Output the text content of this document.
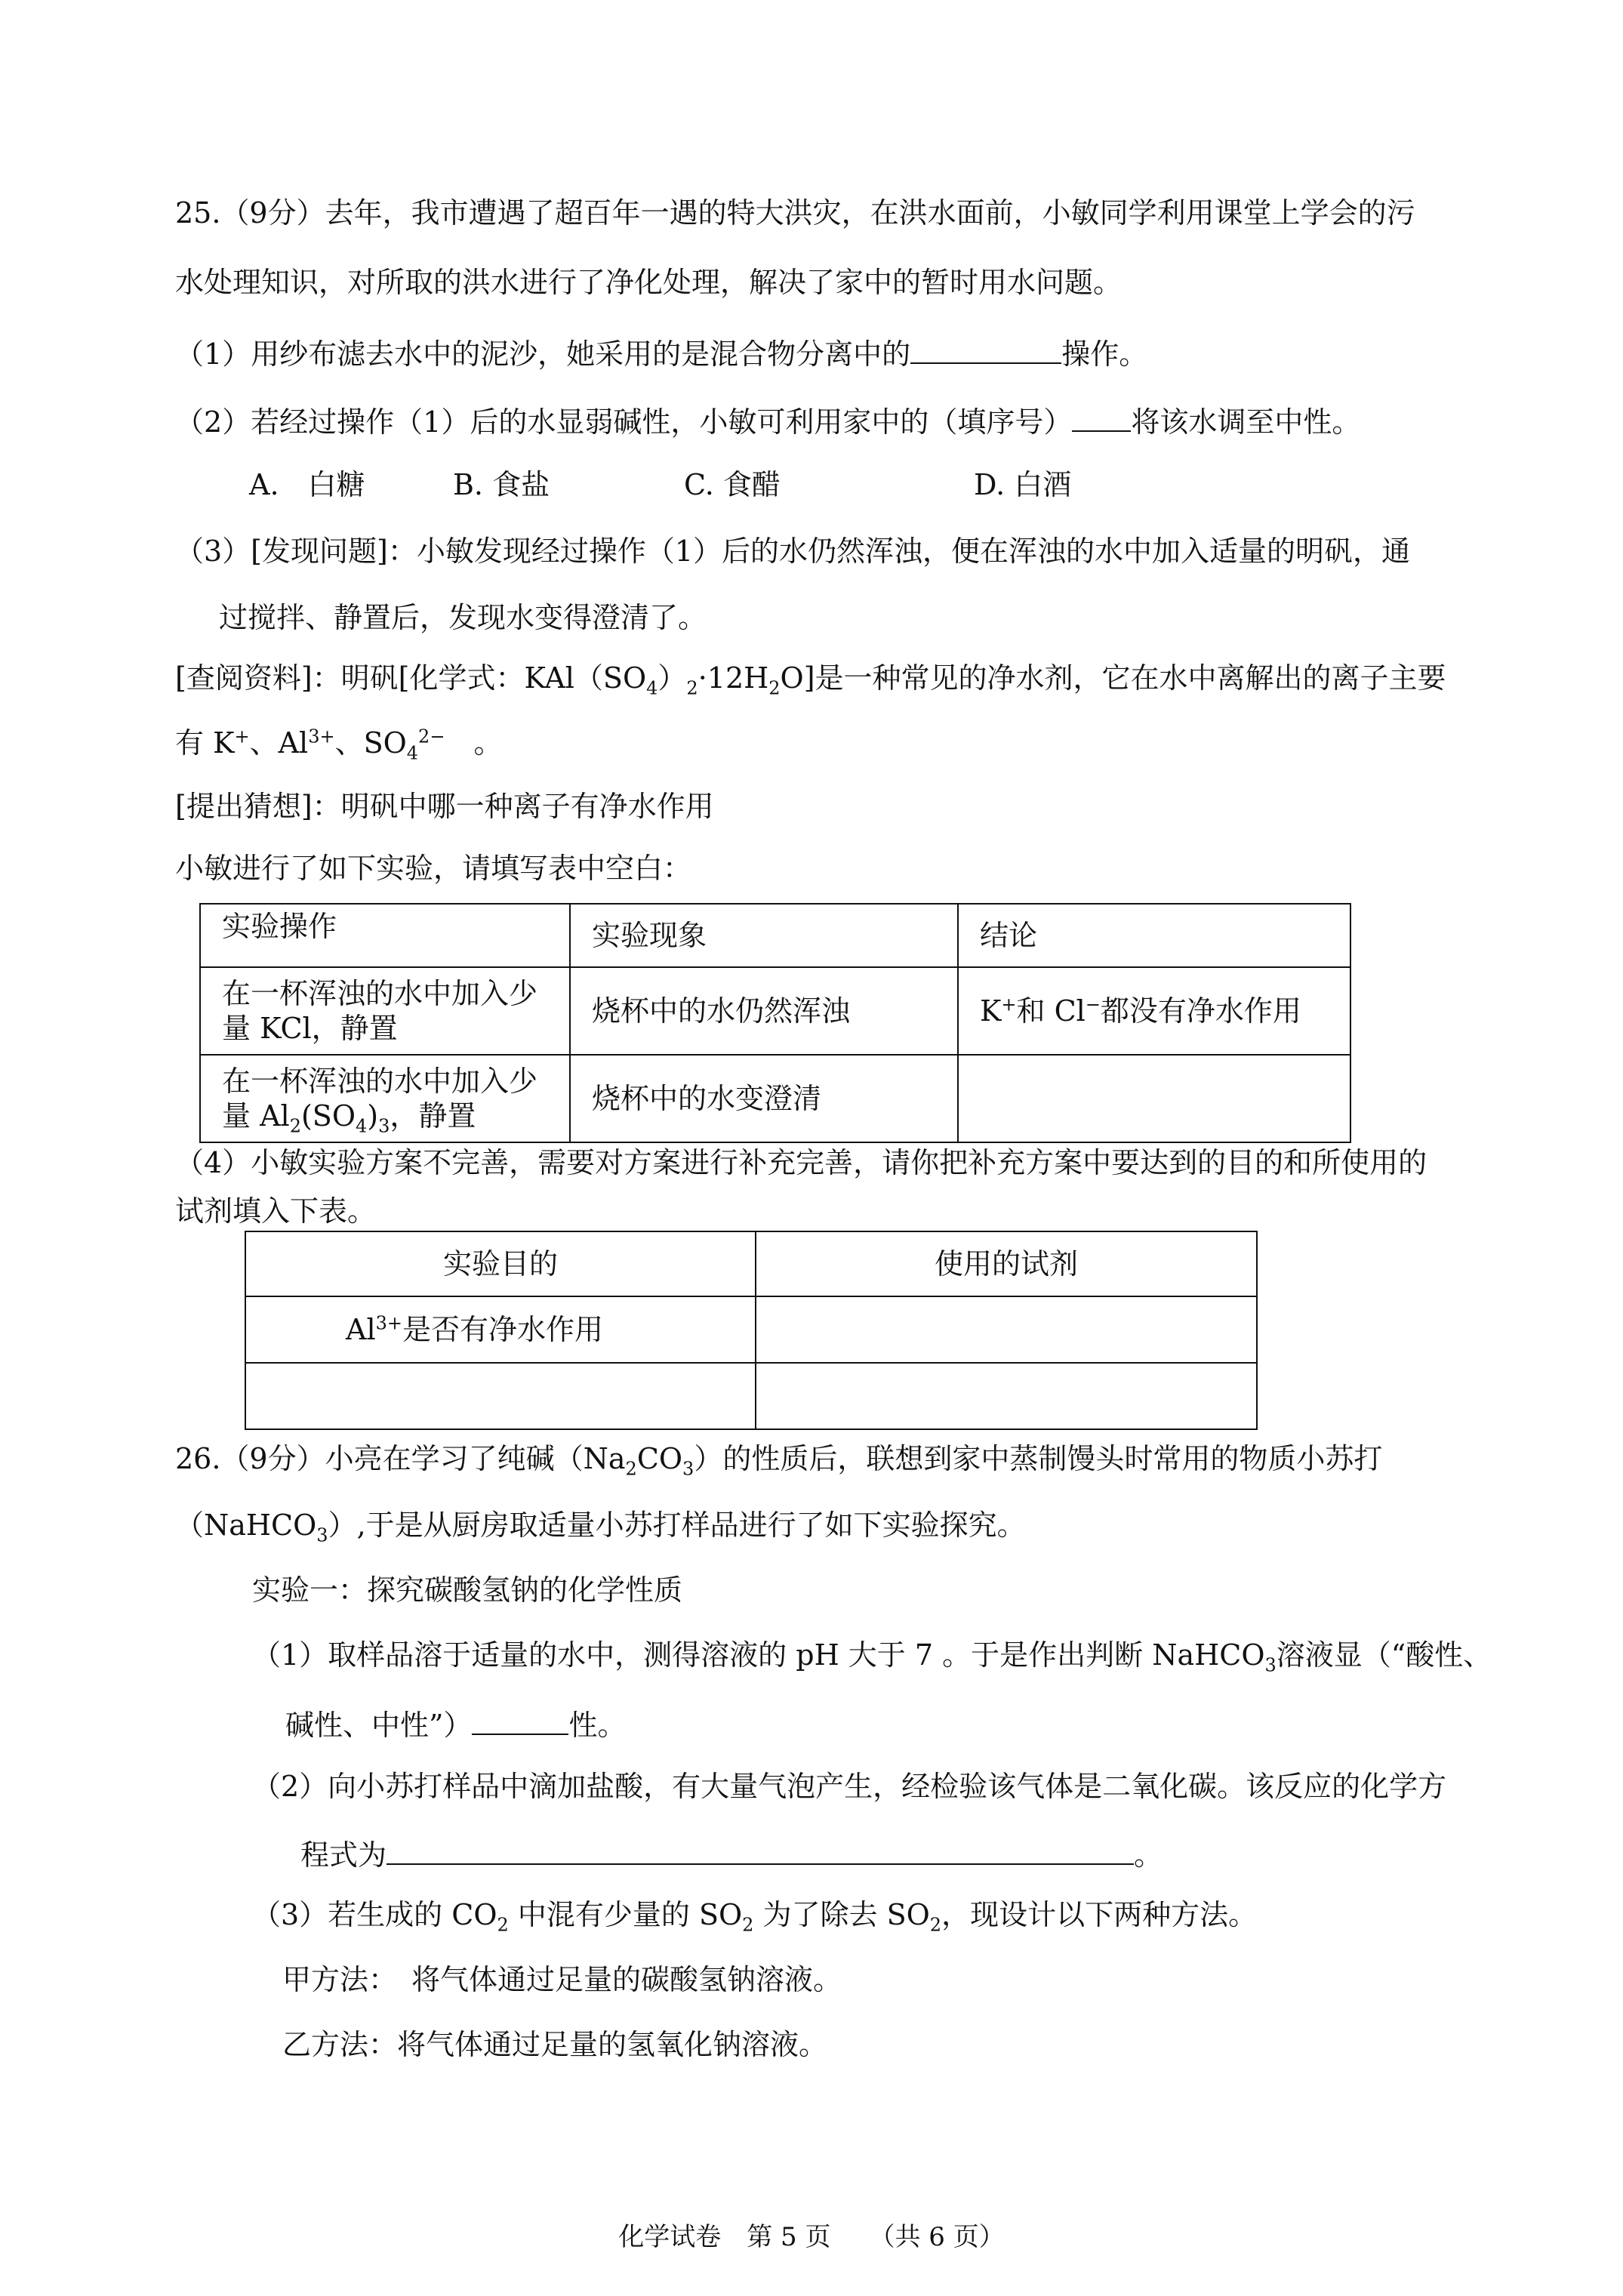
25.（9分）去年，我市遭遇了超百年一遇的特大洪灾，在洪水面前，小敏同学利用课堂上学会的污
水处理知识，对所取的洪水进行了净化处理，解决了家中的暂时用水问题。
（1）用纱布滤去水中的泥沙，她采用的是混合物分离中的	操作。
（2）若经过操作（1）后的水显弱碱性，小敏可利用家中的（填序号） 将该水调至中性。
A.　白糖	B. 食盐	C. 食醋	D. 白酒
（3）[发现问题]：小敏发现经过操作（1）后的水仍然浑浊，便在浑浊的水中加入适量的明矾，通
过搅拌、静置后，发现水变得澄清了。
[查阅资料]：明矾[化学式：$KAl(SO_4)_2\cdot 12H_2O$]是一种常见的净水剂，它在水中离解出的离子主要
有 K+、$Al^{3+}$、$SO_4^{2-}$　。
[提出猜想]：明矾中哪一种离子有净水作用
小敏进行了如下实验，请填写表中空白：
实验操作	实验现象	结论

在一杯浑浊的水中加入少
量 KCl，静置	烧杯中的水仍然浑浊	K+和 Cl−都没有净水作用

在一杯浑浊的水中加入少
量 $Al_2(SO_4)_3$，静置	烧杯中的水变澄清	
（4）小敏实验方案不完善，需要对方案进行补充完善，请你把补充方案中要达到的目的和所使用的
试剂填入下表。
实验目的	使用的试剂
$Al^{3+}$是否有净水作用	

26.（9分）小亮在学习了纯碱$(Na_2CO_3)$的性质后，联想到家中蒸制馒头时常用的物质小苏打
（NaHCO$_3$）,于是从厨房取适量小苏打样品进行了如下实验探究。
实验一：探究碳酸氢钠的化学性质
（1）取样品溶于适量的水中，测得溶液的 pH 大于 7 。于是作出判断 NaHCO$_3$溶液显（“酸性、
碱性、中性”）	性。
（2）向小苏打样品中滴加盐酸，有大量气泡产生，经检验该气体是二氧化碳。该反应的化学方
程式为	。
（3）若生成的 $CO_2$ 中混有少量的 $SO_2$ 为了除去 $SO_2$，现设计以下两种方法。
甲方法：　将气体通过足量的碳酸氢钠溶液。
乙方法：将气体通过足量的氢氧化钠溶液。
化学试卷　第 5 页　　（共 6 页）
